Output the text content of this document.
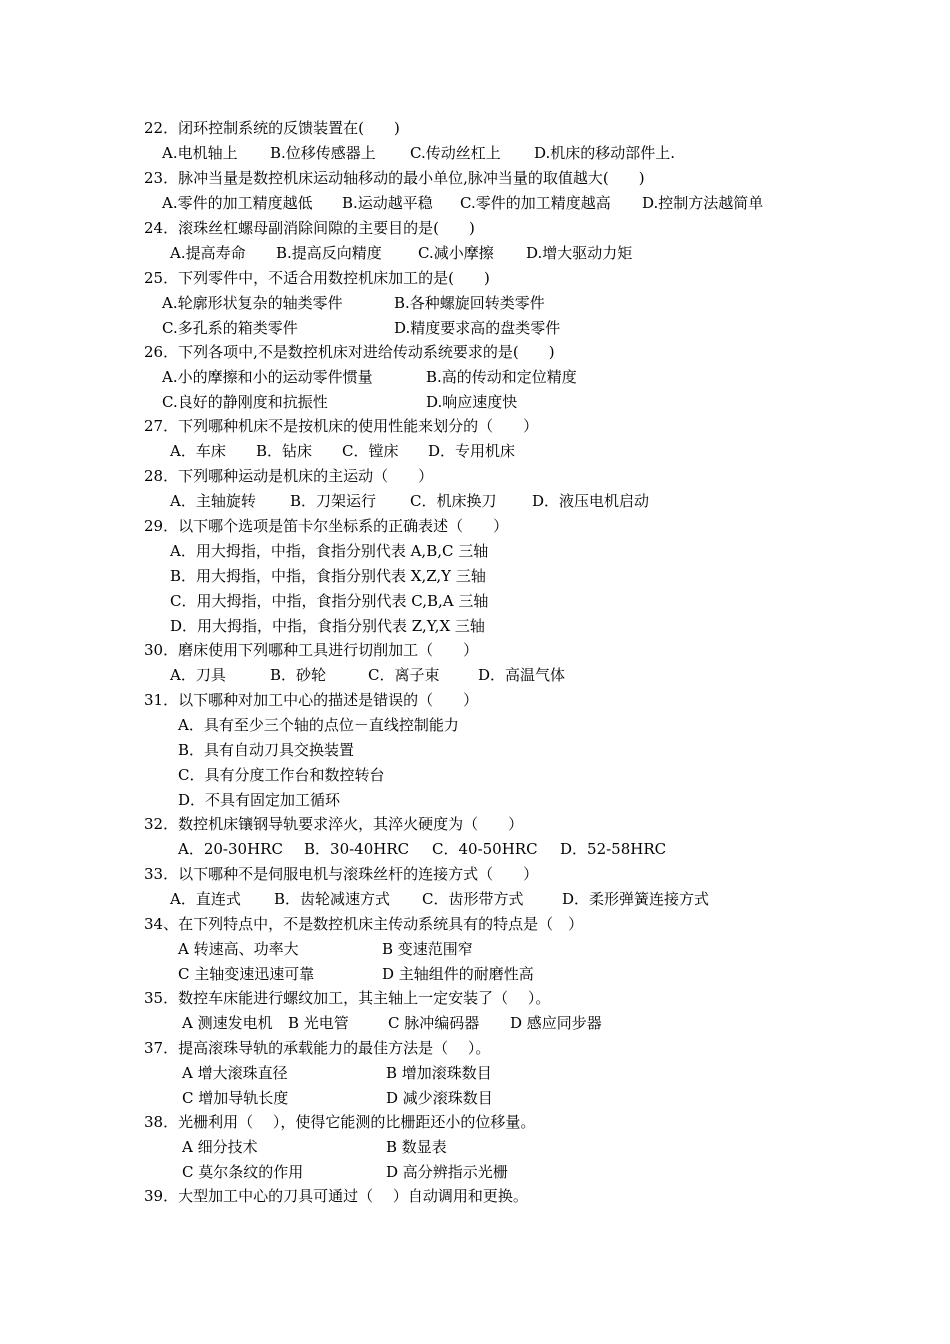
22．闭环控制系统的反馈装置在(　　)

A.电机轴上 B.位移传感器上 C.传动丝杠上 D.机床的移动部件上.

23．脉冲当量是数控机床运动轴移动的最小单位,脉冲当量的取值越大(　　)

A.零件的加工精度越低 B.运动越平稳 C.零件的加工精度越高 D.控制方法越简单

24．滚珠丝杠螺母副消除间隙的主要目的是(　　)

A.提高寿命 B.提高反向精度 C.减小摩擦 D.增大驱动力矩

25．下列零件中，不适合用数控机床加工的是(　　)

A.轮廓形状复杂的轴类零件	B.各种螺旋回转类零件
C.多孔系的箱类零件	D.精度要求高的盘类零件

26．下列各项中,不是数控机床对进给传动系统要求的是(　　)

A.小的摩擦和小的运动零件惯量	B.高的传动和定位精度
C.良好的静刚度和抗振性	D.响应速度快

27．下列哪种机床不是按机床的使用性能来划分的（　　）

A．车床 B．钻床 C．镗床 D．专用机床

28．下列哪种运动是机床的主运动（　　）

A．主轴旋转 B．刀架运行 C．机床换刀 D．液压电机启动

29．以下哪个选项是笛卡尔坐标系的正确表述（　　）

A．用大拇指，中指，食指分别代表 A,B,C 三轴
B．用大拇指，中指，食指分别代表 X,Z,Y 三轴
C．用大拇指，中指，食指分别代表 C,B,A 三轴
D．用大拇指，中指，食指分别代表 Z,Y,X 三轴

30．磨床使用下列哪种工具进行切削加工（　　）

A．刀具	B．砂轮	C．离子束	D．高温气体

31．以下哪种对加工中心的描述是错误的（　　）

A．具有至少三个轴的点位－直线控制能力
B．具有自动刀具交换装置
C．具有分度工作台和数控转台
D．不具有固定加工循环

32．数控机床镶钢导轨要求淬火，其淬火硬度为（　　）

A．20-30HRC B．30-40HRC C．40-50HRC D．52-58HRC

33．以下哪种不是伺服电机与滚珠丝杆的连接方式（　　）

A．直连式 B．齿轮减速方式 C．齿形带方式	D．柔形弹簧连接方式

34、在下列特点中，不是数控机床主传动系统具有的特点是（　）

A 转速高、功率大	B 变速范围窄
C 主轴变速迅速可靠	D 主轴组件的耐磨性高

35．数控车床能进行螺纹加工，其主轴上一定安装了（　 ）。

A 测速发电机 B 光电管	C 脉冲编码器 D 感应同步器

37．提高滚珠导轨的承载能力的最佳方法是（　 ）。

A 增大滚珠直径	B 增加滚珠数目
C 增加导轨长度	D 减少滚珠数目

38．光栅利用（　 ），使得它能测的比栅距还小的位移量。

A 细分技术	B 数显表
C 莫尔条纹的作用	D 高分辨指示光栅

39．大型加工中心的刀具可通过（　 ）自动调用和更换。
